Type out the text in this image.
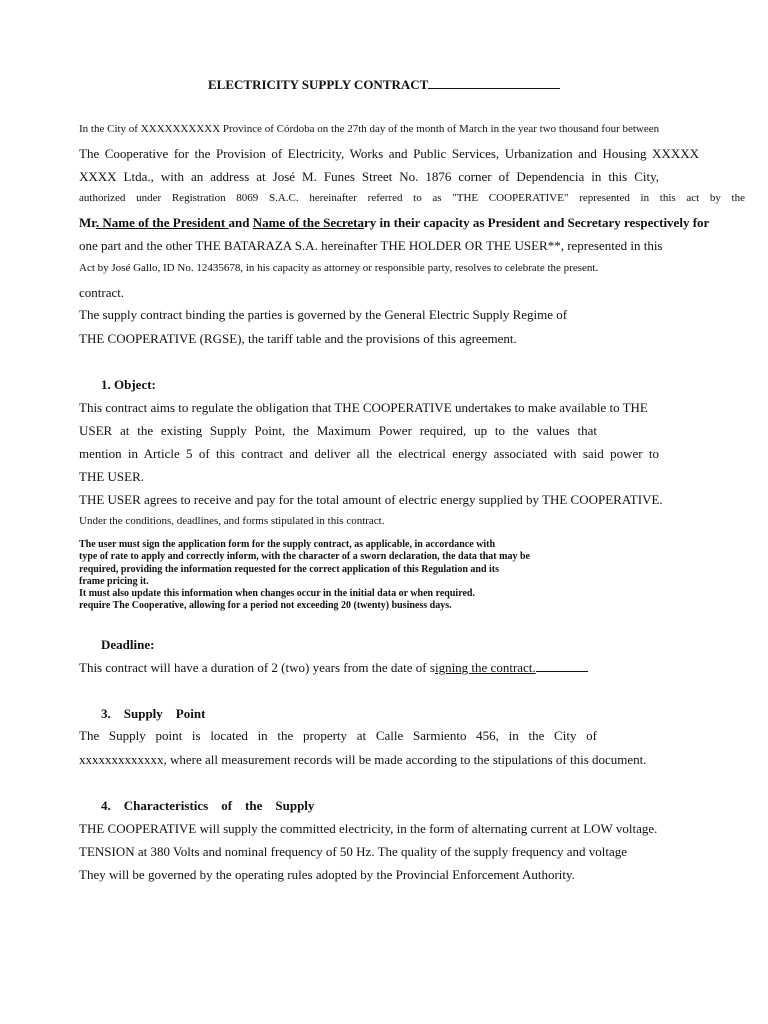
ELECTRICITY SUPPLY CONTRACT

In the City of XXXXXXXXXX Province of Córdoba on the 27th day of the month of March in the year two thousand four between

The Cooperative for the Provision of Electricity, Works and Public Services, Urbanization and Housing XXXXX

XXXX Ltda., with an address at José M. Funes Street No. 1876 corner of Dependencia in this City,

authorized under Registration 8069 S.A.C. hereinafter referred to as "THE COOPERATIVE" represented in this act by the

Mr. Name of the President and Name of the Secretary in their capacity as President and Secretary respectively for

one part and the other THE BATARAZA S.A. hereinafter THE HOLDER OR THE USER**, represented in this

Act by José Gallo, ID No. 12435678, in his capacity as attorney or responsible party, resolves to celebrate the present.

contract.

The supply contract binding the parties is governed by the General Electric Supply Regime of

THE COOPERATIVE (RGSE), the tariff table and the provisions of this agreement.

1. Object:

This contract aims to regulate the obligation that THE COOPERATIVE undertakes to make available to THE

USER at the existing Supply Point, the Maximum Power required, up to the values that

mention in Article 5 of this contract and deliver all the electrical energy associated with said power to

THE USER.

THE USER agrees to receive and pay for the total amount of electric energy supplied by THE COOPERATIVE.

Under the conditions, deadlines, and forms stipulated in this contract.

The user must sign the application form for the supply contract, as applicable, in accordance with

type of rate to apply and correctly inform, with the character of a sworn declaration, the data that may be

required, providing the information requested for the correct application of this Regulation and its

frame pricing it.

It must also update this information when changes occur in the initial data or when required.

require The Cooperative, allowing for a period not exceeding 20 (twenty) business days.

Deadline:

This contract will have a duration of 2 (two) years from the date of signing the contract.

3.    Supply    Point

The Supply point is located in the property at Calle Sarmiento 456, in the City of

xxxxxxxxxxxxx, where all measurement records will be made according to the stipulations of this document.

4.    Characteristics    of    the    Supply

THE COOPERATIVE will supply the committed electricity, in the form of alternating current at LOW voltage.

TENSION at 380 Volts and nominal frequency of 50 Hz. The quality of the supply frequency and voltage

They will be governed by the operating rules adopted by the Provincial Enforcement Authority.
